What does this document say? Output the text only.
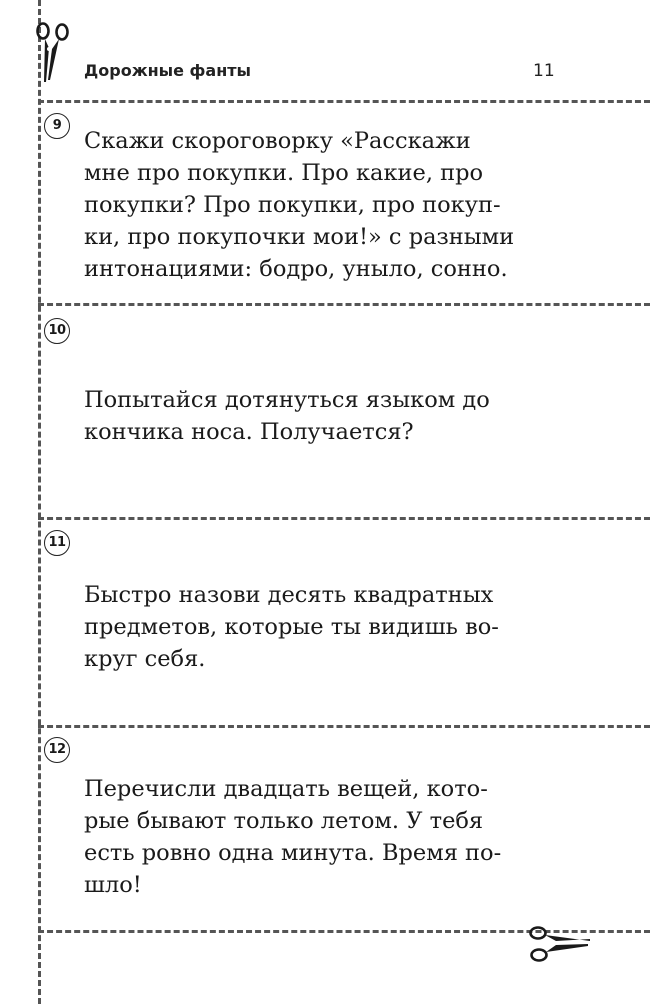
Дорожные фанты	11
9
Скажи скороговорку «Расскажи
мне про покупки. Про какие, про
покупки? Про покупки, про покуп-
ки, про покупочки мои!» с разными
интонациями: бодро, уныло, сонно.
10
Попытайся дотянуться языком до
кончика носа. Получается?
11
Быстро назови десять квадратных
предметов, которые ты видишь во-
круг себя.
12
Перечисли двадцать вещей, кото-
рые бывают только летом. У тебя
есть ровно одна минута. Время по-
шло!
